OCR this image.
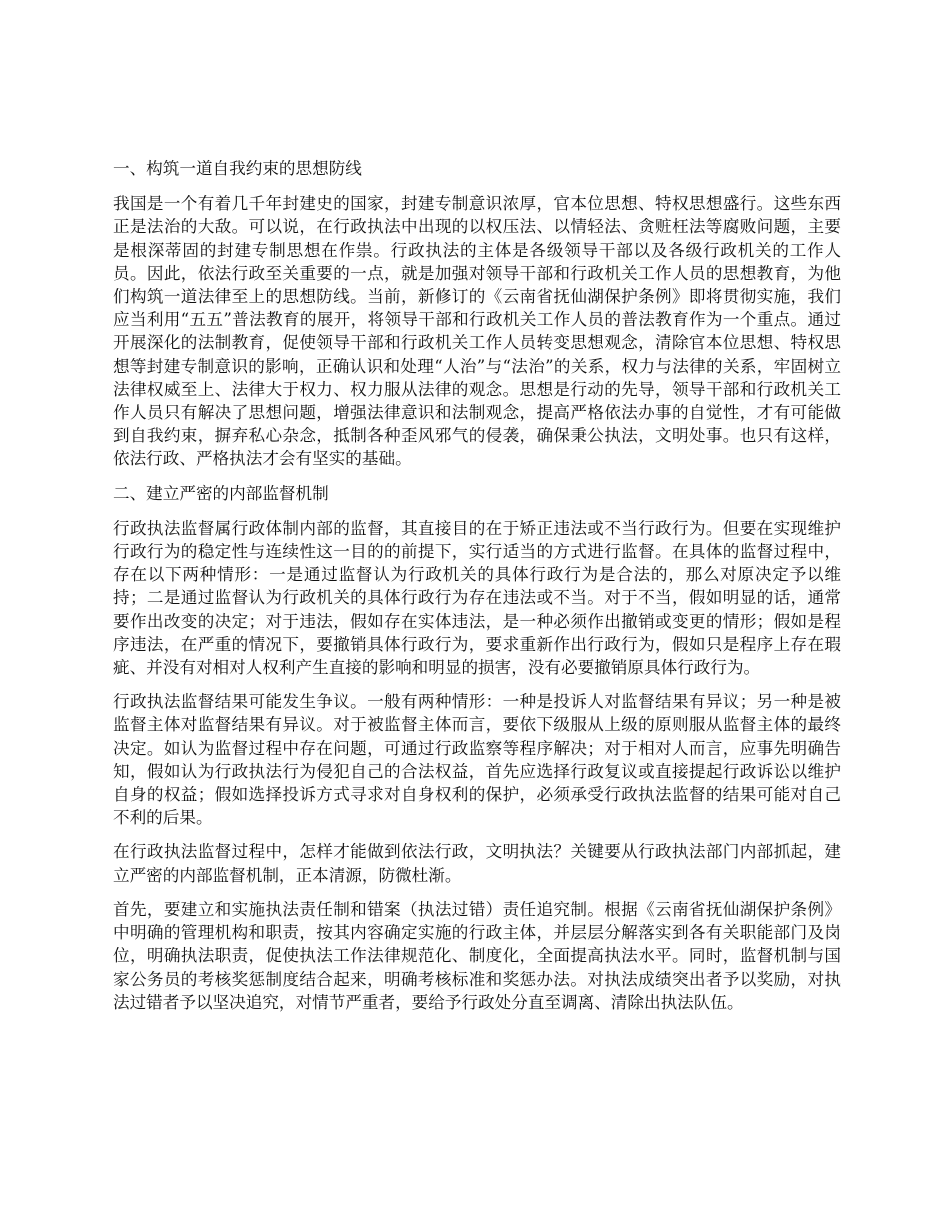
一、构筑一道自我约束的思想防线

我国是一个有着几千年封建史的国家，封建专制意识浓厚，官本位思想、特权思想盛行。这些东西正是法治的大敌。可以说，在行政执法中出现的以权压法、以情轻法、贪赃枉法等腐败问题，主要是根深蒂固的封建专制思想在作祟。行政执法的主体是各级领导干部以及各级行政机关的工作人员。因此，依法行政至关重要的一点，就是加强对领导干部和行政机关工作人员的思想教育，为他们构筑一道法律至上的思想防线。当前，新修订的《云南省抚仙湖保护条例》即将贯彻实施，我们应当利用“五五”普法教育的展开，将领导干部和行政机关工作人员的普法教育作为一个重点。通过开展深化的法制教育，促使领导干部和行政机关工作人员转变思想观念，清除官本位思想、特权思想等封建专制意识的影响，正确认识和处理“人治”与“法治”的关系，权力与法律的关系，牢固树立法律权威至上、法律大于权力、权力服从法律的观念。思想是行动的先导，领导干部和行政机关工作人员只有解决了思想问题，增强法律意识和法制观念，提高严格依法办事的自觉性，才有可能做到自我约束，摒弃私心杂念，抵制各种歪风邪气的侵袭，确保秉公执法，文明处事。也只有这样，依法行政、严格执法才会有坚实的基础。

二、建立严密的内部监督机制

行政执法监督属行政体制内部的监督，其直接目的在于矫正违法或不当行政行为。但要在实现维护行政行为的稳定性与连续性这一目的的前提下，实行适当的方式进行监督。在具体的监督过程中，存在以下两种情形：一是通过监督认为行政机关的具体行政行为是合法的，那么对原决定予以维持；二是通过监督认为行政机关的具体行政行为存在违法或不当。对于不当，假如明显的话，通常要作出改变的决定；对于违法，假如存在实体违法，是一种必须作出撤销或变更的情形；假如是程序违法，在严重的情况下，要撤销具体行政行为，要求重新作出行政行为，假如只是程序上存在瑕疵、并没有对相对人权利产生直接的影响和明显的损害，没有必要撤销原具体行政行为。

行政执法监督结果可能发生争议。一般有两种情形：一种是投诉人对监督结果有异议；另一种是被监督主体对监督结果有异议。对于被监督主体而言，要依下级服从上级的原则服从监督主体的最终决定。如认为监督过程中存在问题，可通过行政监察等程序解决；对于相对人而言，应事先明确告知，假如认为行政执法行为侵犯自己的合法权益，首先应选择行政复议或直接提起行政诉讼以维护自身的权益；假如选择投诉方式寻求对自身权利的保护，必须承受行政执法监督的结果可能对自己不利的后果。

在行政执法监督过程中，怎样才能做到依法行政，文明执法？关键要从行政执法部门内部抓起，建立严密的内部监督机制，正本清源，防微杜渐。

首先，要建立和实施执法责任制和错案（执法过错）责任追究制。根据《云南省抚仙湖保护条例》中明确的管理机构和职责，按其内容确定实施的行政主体，并层层分解落实到各有关职能部门及岗位，明确执法职责，促使执法工作法律规范化、制度化，全面提高执法水平。同时，监督机制与国家公务员的考核奖惩制度结合起来，明确考核标准和奖惩办法。对执法成绩突出者予以奖励，对执法过错者予以坚决追究，对情节严重者，要给予行政处分直至调离、清除出执法队伍。
